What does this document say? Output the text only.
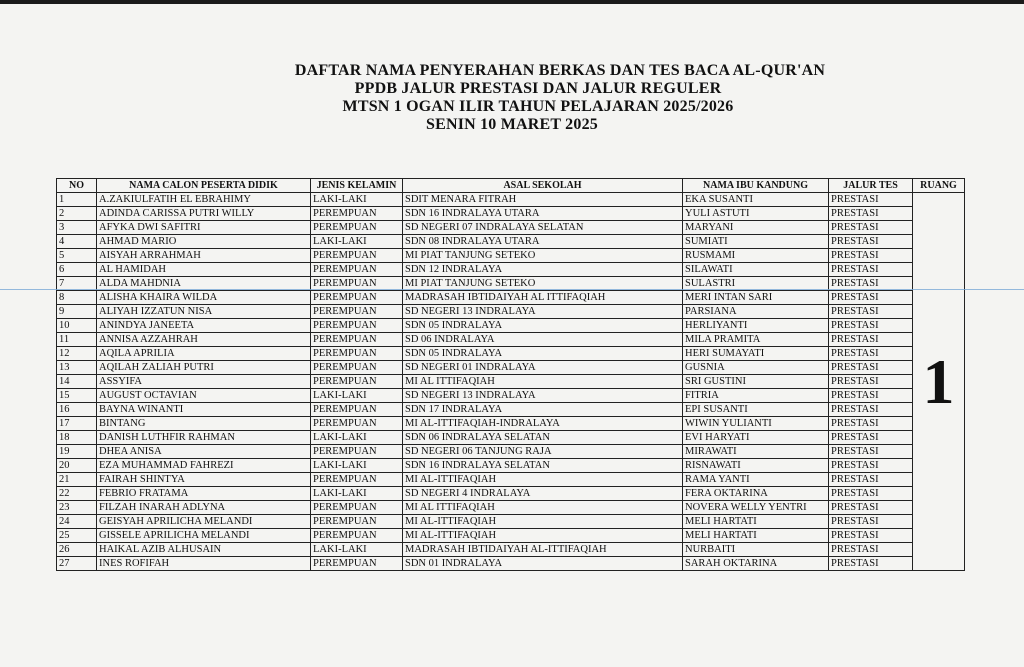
DAFTAR NAMA PENYERAHAN BERKAS DAN TES BACA AL-QUR'AN
PPDB JALUR PRESTASI DAN JALUR REGULER
MTSN 1 OGAN ILIR TAHUN PELAJARAN 2025/2026
SENIN 10 MARET 2025
NO	NAMA CALON PESERTA DIDIK	JENIS KELAMIN	ASAL SEKOLAH	NAMA IBU KANDUNG	JALUR TES	RUANG
1	A.ZAKIULFATIH EL EBRAHIMY	LAKI-LAKI	SDIT MENARA FITRAH	EKA SUSANTI	PRESTASI	1
2	ADINDA CARISSA PUTRI WILLY	PEREMPUAN	SDN 16 INDRALAYA UTARA	YULI ASTUTI	PRESTASI	
3	AFYKA DWI SAFITRI	PEREMPUAN	SD NEGERI 07 INDRALAYA SELATAN	MARYANI	PRESTASI	
4	AHMAD MARIO	LAKI-LAKI	SDN 08 INDRALAYA UTARA	SUMIATI	PRESTASI	
5	AISYAH ARRAHMAH	PEREMPUAN	MI PIAT TANJUNG SETEKO	RUSMAMI	PRESTASI	
6	AL HAMIDAH	PEREMPUAN	SDN 12 INDRALAYA	SILAWATI	PRESTASI	
7	ALDA MAHDNIA	PEREMPUAN	MI PIAT TANJUNG SETEKO	SULASTRI	PRESTASI	
8	ALISHA KHAIRA WILDA	PEREMPUAN	MADRASAH IBTIDAIYAH AL ITTIFAQIAH	MERI INTAN SARI	PRESTASI	
9	ALIYAH IZZATUN NISA	PEREMPUAN	SD NEGERI 13 INDRALAYA	PARSIANA	PRESTASI	
10	ANINDYA JANEETA	PEREMPUAN	SDN 05 INDRALAYA	HERLIYANTI	PRESTASI	
11	ANNISA AZZAHRAH	PEREMPUAN	SD 06 INDRALAYA	MILA PRAMITA	PRESTASI	
12	AQILA APRILIA	PEREMPUAN	SDN 05 INDRALAYA	HERI SUMAYATI	PRESTASI	
13	AQILAH ZALIAH PUTRI	PEREMPUAN	SD NEGERI 01 INDRALAYA	GUSNIA	PRESTASI	
14	ASSYIFA	PEREMPUAN	MI AL ITTIFAQIAH	SRI GUSTINI	PRESTASI	
15	AUGUST OCTAVIAN	LAKI-LAKI	SD NEGERI 13 INDRALAYA	FITRIA	PRESTASI	
16	BAYNA WINANTI	PEREMPUAN	SDN 17 INDRALAYA	EPI SUSANTI	PRESTASI	
17	BINTANG	PEREMPUAN	MI AL-ITTIFAQIAH-INDRALAYA	WIWIN YULIANTI	PRESTASI	
18	DANISH LUTHFIR RAHMAN	LAKI-LAKI	SDN 06 INDRALAYA SELATAN	EVI HARYATI	PRESTASI	
19	DHEA ANISA	PEREMPUAN	SD NEGERI 06 TANJUNG RAJA	MIRAWATI	PRESTASI	
20	EZA MUHAMMAD FAHREZI	LAKI-LAKI	SDN 16 INDRALAYA SELATAN	RISNAWATI	PRESTASI	
21	FAIRAH SHINTYA	PEREMPUAN	MI AL-ITTIFAQIAH	RAMA YANTI	PRESTASI	
22	FEBRIO FRATAMA	LAKI-LAKI	SD NEGERI 4 INDRALAYA	FERA OKTARINA	PRESTASI	
23	FILZAH INARAH ADLYNA	PEREMPUAN	MI AL ITTIFAQIAH	NOVERA WELLY YENTRI	PRESTASI	
24	GEISYAH APRILICHA MELANDI	PEREMPUAN	MI AL-ITTIFAQIAH	MELI HARTATI	PRESTASI	
25	GISSELE APRILICHA MELANDI	PEREMPUAN	MI AL-ITTIFAQIAH	MELI HARTATI	PRESTASI	
26	HAIKAL AZIB ALHUSAIN	LAKI-LAKI	MADRASAH IBTIDAIYAH AL-ITTIFAQIAH	NURBAITI	PRESTASI	
27	INES ROFIFAH	PEREMPUAN	SDN 01 INDRALAYA	SARAH OKTARINA	PRESTASI	
